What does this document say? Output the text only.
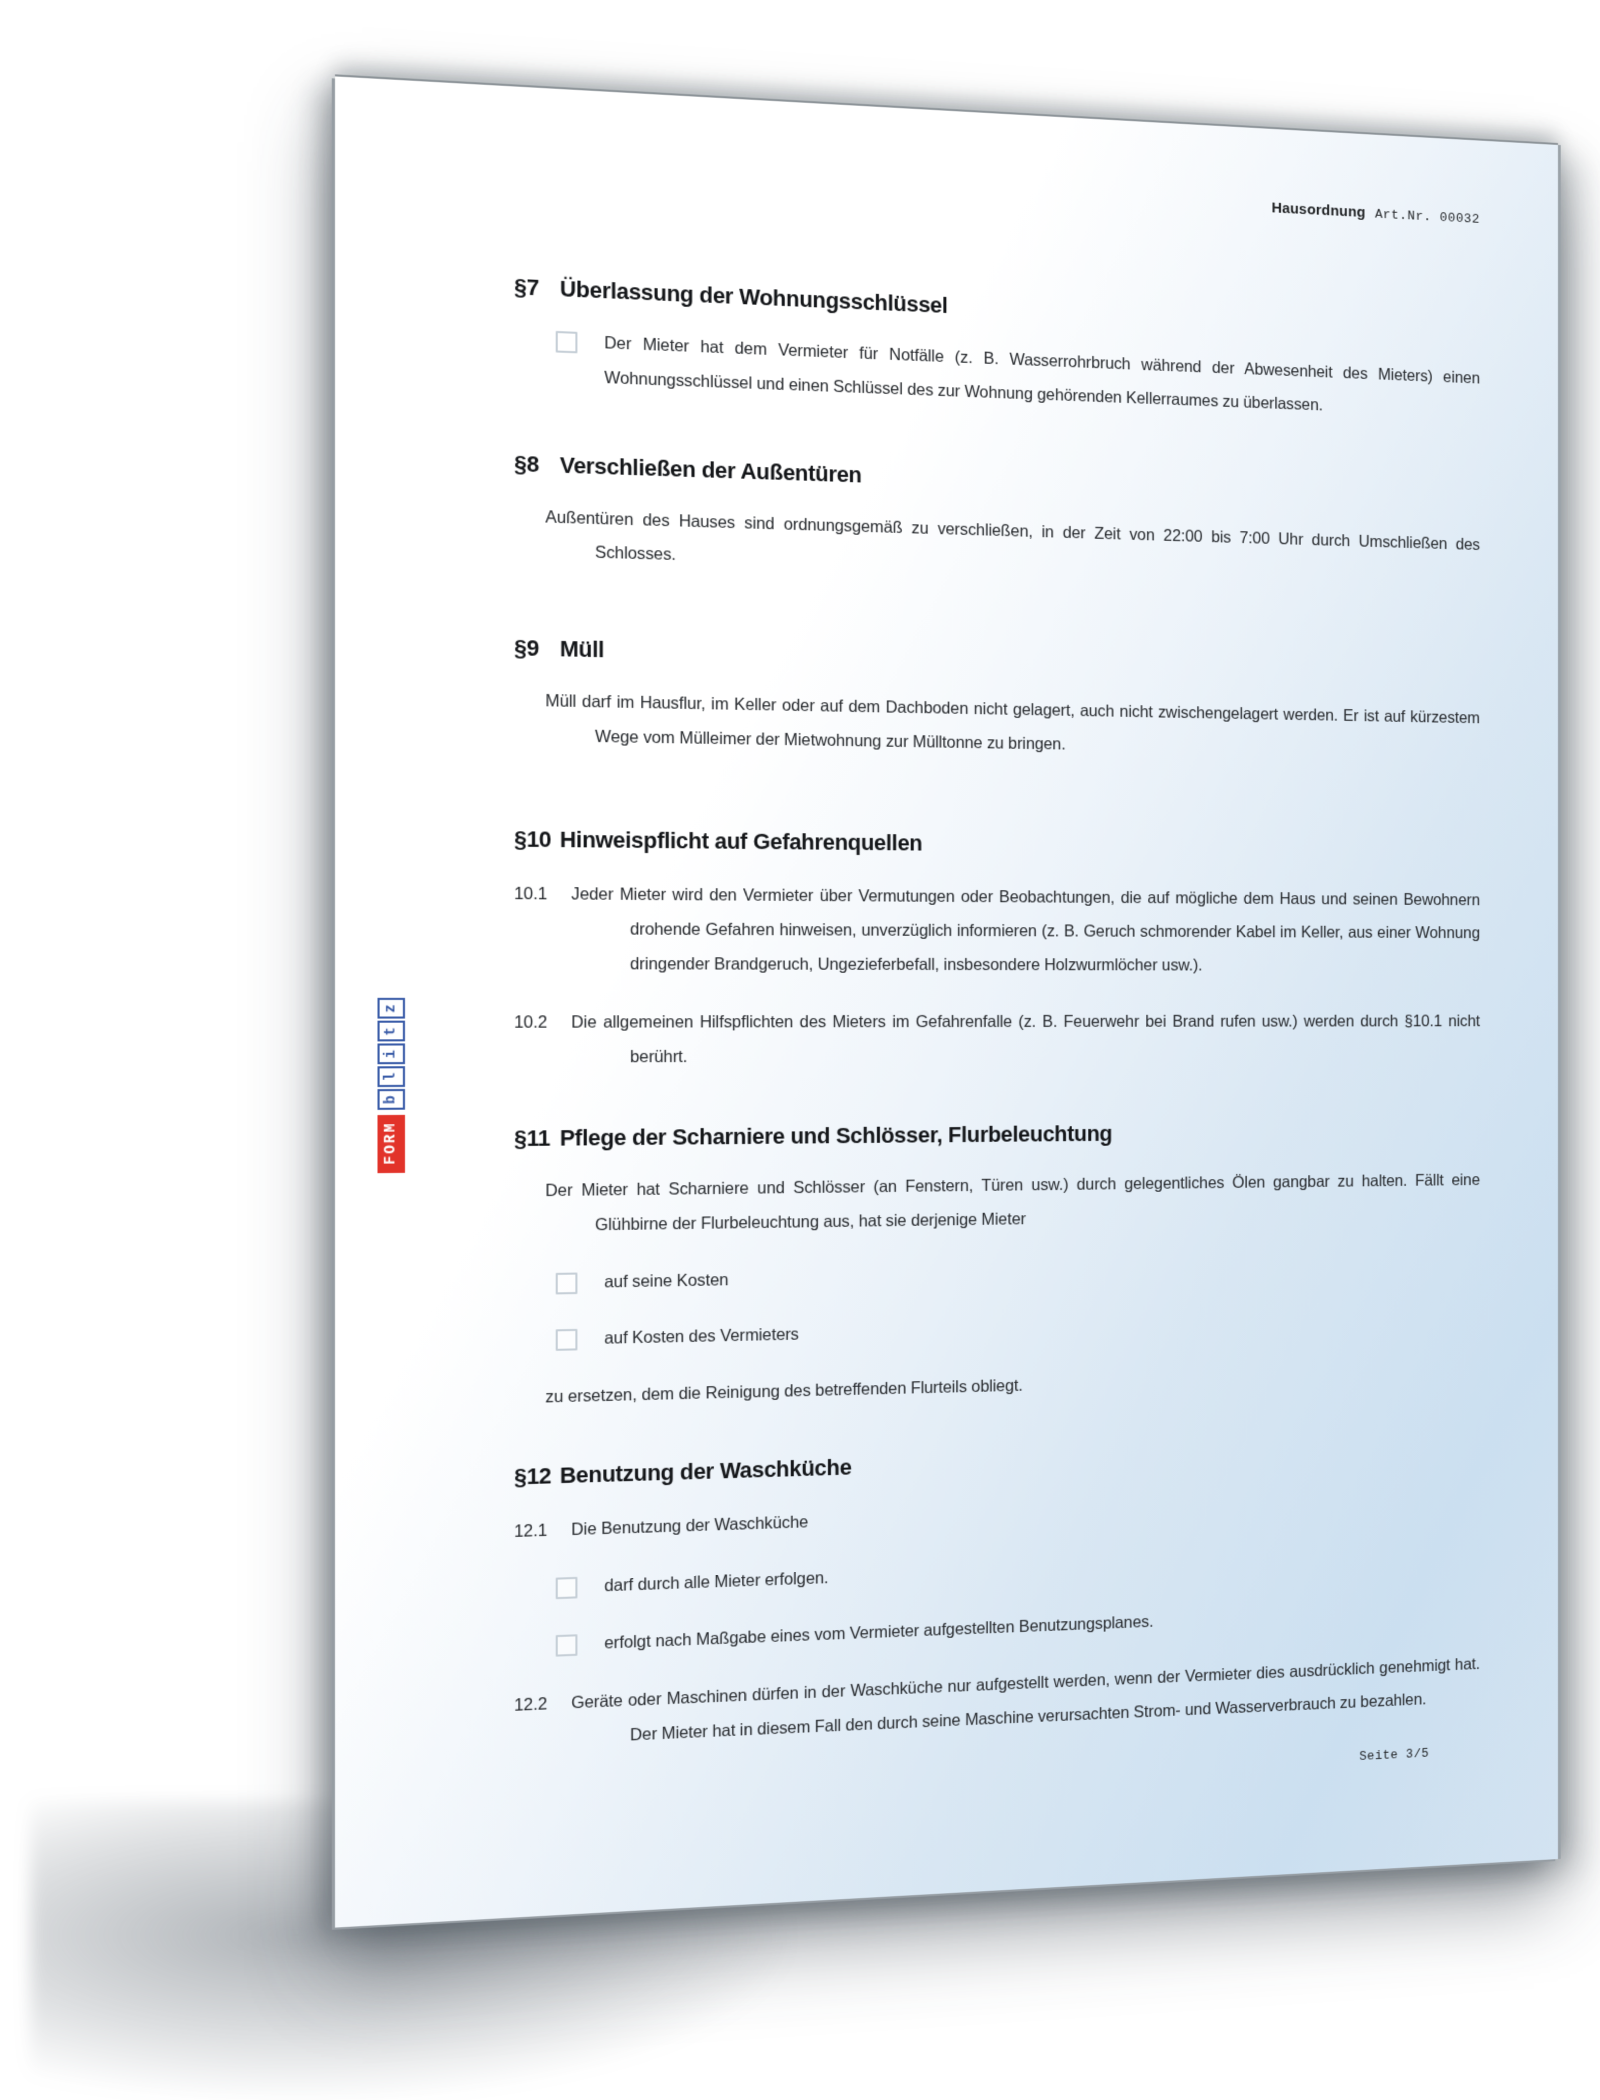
Hausordnung Art.Nr. 00032
§7 Überlassung der Wohnungsschlüssel
Der Mieter hat dem Vermieter für Notfälle (z. B. Wasserrohrbruch während der Abwesenheit des Mieters) einen Wohnungsschlüssel und einen Schlüssel des zur Wohnung gehörenden Kellerraumes zu überlassen.
§8 Verschließen der Außentüren
Außentüren des Hauses sind ordnungsgemäß zu verschließen, in der Zeit von 22:00 bis 7:00 Uhr durch Umschließen des Schlosses.
§9 Müll
Müll darf im Hausflur, im Keller oder auf dem Dachboden nicht gelagert, auch nicht zwischengelagert werden. Er ist auf kürzestem Wege vom Mülleimer der Mietwohnung zur Mülltonne zu bringen.
§10 Hinweispflicht auf Gefahrenquellen
10.1	Jeder Mieter wird den Vermieter über Vermutungen oder Beobachtungen, die auf mögliche dem Haus und seinen Bewohnern drohende Gefahren hinweisen, unverzüglich informieren (z. B. Geruch schmorender Kabel im Keller, aus einer Wohnung dringender Brandgeruch, Ungezieferbefall, insbesondere Holzwurmlöcher usw.).
10.2	Die allgemeinen Hilfspflichten des Mieters im Gefahrenfalle (z. B. Feuerwehr bei Brand rufen usw.) werden durch §10.1 nicht berührt.
§11 Pflege der Scharniere und Schlösser, Flurbeleuchtung
Der Mieter hat Scharniere und Schlösser (an Fenstern, Türen usw.) durch gelegentliches Ölen gangbar zu halten. Fällt eine Glühbirne der Flurbeleuchtung aus, hat sie derjenige Mieter
auf seine Kosten
auf Kosten des Vermieters
zu ersetzen, dem die Reinigung des betreffenden Flurteils obliegt.
§12 Benutzung der Waschküche
12.1	Die Benutzung der Waschküche
darf durch alle Mieter erfolgen.
erfolgt nach Maßgabe eines vom Vermieter aufgestellten Benutzungsplanes.
12.2	Geräte oder Maschinen dürfen in der Waschküche nur aufgestellt werden, wenn der Vermieter dies ausdrücklich genehmigt hat. Der Mieter hat in diesem Fall den durch seine Maschine verursachten Strom- und Wasserverbrauch zu bezahlen.
Seite 3/5
FORM
b
l
i
t
z
